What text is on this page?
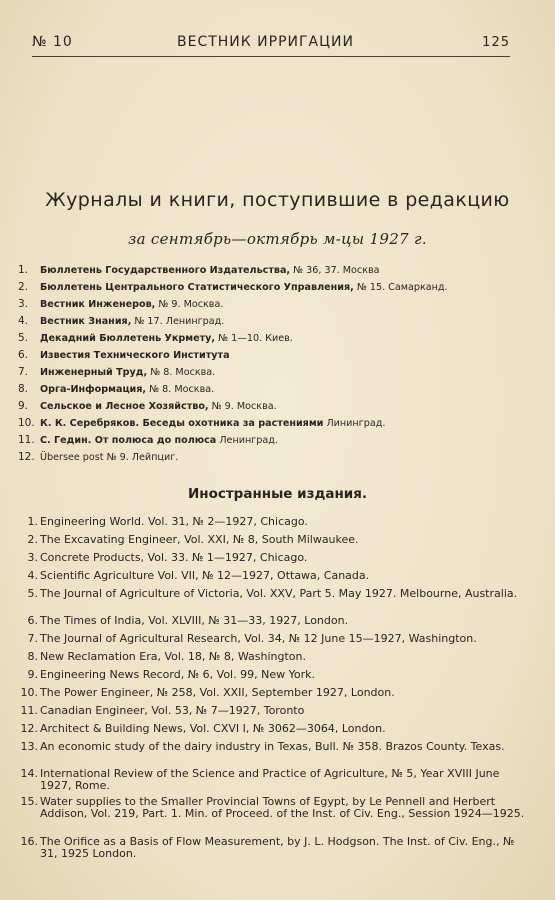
№ 10	ВЕСТНИК ИРРИГАЦИИ	125
Журналы и книги, поступившие в редакцию
за сентябрь—октябрь м-цы 1927 г.
1. Бюллетень Государственного Издательства, № 36, 37. Москва
2. Бюллетень Центрального Статистического Управления, № 15. Самарканд.
3. Вестник Инженеров, № 9. Москва.
4. Вестник Знания, № 17. Ленинград.
5. Декадний Бюллетень Укрмету, № 1—10. Киев.
6. Известия Технического Института
7. Инженерный Труд, № 8. Москва.
8. Орга-Информация, № 8. Москва.
9. Сельское и Лесное Хозяйство, № 9. Москва.
10. К. К. Серебряков. Беседы охотника за растениями Лининград.
11. С. Гедин. От полюса до полюса Ленинград.
12. Übersee post № 9. Лейпциг.
Иностранные издания.
1. Engineering World. Vol. 31, № 2—1927, Chicago.
2. The Excavating Engineer, Vol. XXI, № 8, South Milwaukee.
3. Concrete Products, Vol. 33. № 1—1927, Chicago.
4. Scientific Agriculture Vol. VII, № 12—1927, Ottawa, Canada.
5. The Journal of Agriculture of Victoria, Vol. XXV, Part 5. May 1927. Melbourne, Australia.
6. The Times of India, Vol. XLVIII, № 31—33, 1927, London.
7. The Journal of Agricultural Research, Vol. 34, № 12 June 15—1927, Washington.
8. New Reclamation Era, Vol. 18, № 8, Washington.
9. Engineering News Record, № 6, Vol. 99, New York.
10. The Power Engineer, № 258, Vol. XXII, September 1927, London.
11. Canadian Engineer, Vol. 53, № 7—1927, Toronto
12. Architect & Building News, Vol. CXVI I, № 3062—3064, London.
13. An economic study of the dairy industry in Texas, Bull. № 358. Brazos County. Texas.
14. International Review of the Science and Practice of Agriculture, № 5, Year XVIII June 1927, Rome.
15. Water supplies to the Smaller Provincial Towns of Egypt, by Le Pennell and Herbert Addison, Vol. 219, Part. 1. Min. of Proceed. of the Inst. of Civ. Eng., Session 1924—1925.
16. The Orifice as a Basis of Flow Measurement, by J. L. Hodgson. The Inst. of Civ. Eng., № 31, 1925 London.
